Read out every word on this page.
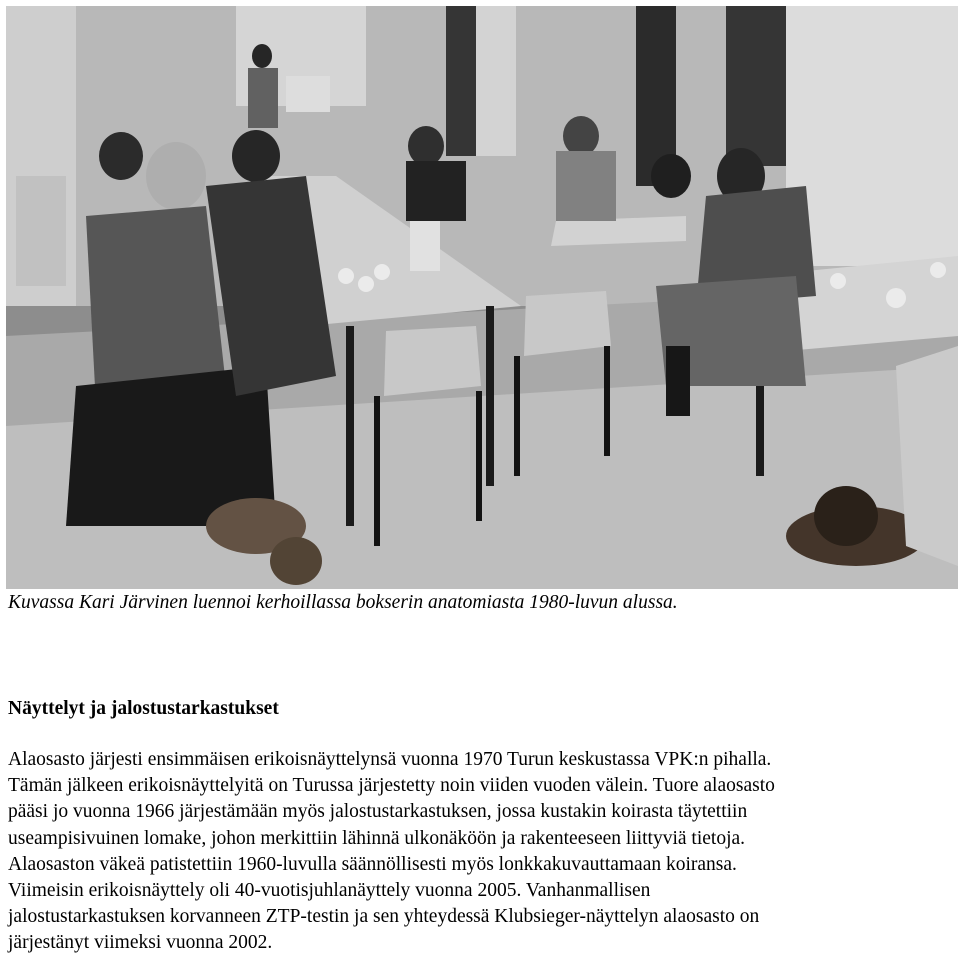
Kuvassa Kari Järvinen luennoi kerhoillassa bokserin anatomiasta 1980-luvun alussa.
Näyttelyt ja jalostustarkastukset
Alaosasto järjesti ensimmäisen erikoisnäyttelynsä vuonna 1970 Turun keskustassa VPK:n pihalla.
Tämän jälkeen erikoisnäyttelyitä on Turussa järjestetty noin viiden vuoden välein. Tuore alaosasto
pääsi jo vuonna 1966 järjestämään myös jalostustarkastuksen, jossa kustakin koirasta täytettiin
useampisivuinen lomake, johon merkittiin lähinnä ulkonäköön ja rakenteeseen liittyviä tietoja.
Alaosaston väkeä patistettiin 1960-luvulla säännöllisesti myös lonkkakuvauttamaan koiransa.
Viimeisin erikoisnäyttely oli 40-vuotisjuhlanäyttely vuonna 2005. Vanhanmallisen
jalostustarkastuksen korvanneen ZTP-testin ja sen yhteydessä Klubsieger-näyttelyn alaosasto on
järjestänyt viimeksi vuonna 2002.
